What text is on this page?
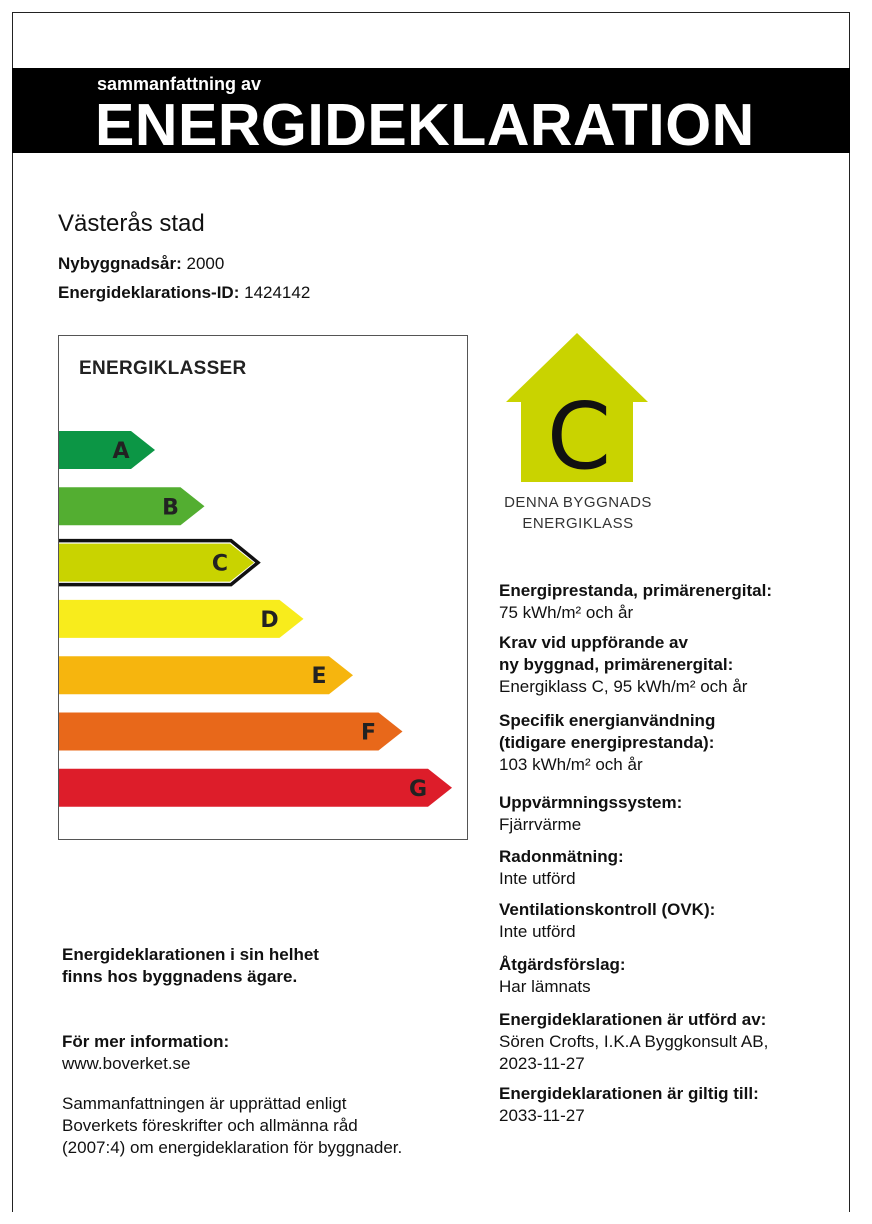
sammanfattning av
ENERGIDEKLARATION
Västerås stad
Nybyggnadsår: 2000
Energideklarations-ID: 1424142
ENERGIKLASSER
A
B
C
D
E
F
G
C
DENNA BYGGNADS
ENERGIKLASS
Energiprestanda, primärenergital:
75 kWh/m² och år
Krav vid uppförande av
ny byggnad, primärenergital:
Energiklass C, 95 kWh/m² och år
Specifik energianvändning
(tidigare energiprestanda):
103 kWh/m² och år
Uppvärmningssystem:
Fjärrvärme
Radonmätning:
Inte utförd
Ventilationskontroll (OVK):
Inte utförd
Åtgärdsförslag:
Har lämnats
Energideklarationen är utförd av:
Sören Crofts, I.K.A Byggkonsult AB,
2023-11-27
Energideklarationen är giltig till:
2033-11-27
Energideklarationen i sin helhet
finns hos byggnadens ägare.
För mer information:
www.boverket.se
Sammanfattningen är upprättad enligt
Boverkets föreskrifter och allmänna råd
(2007:4) om energideklaration för byggnader.
